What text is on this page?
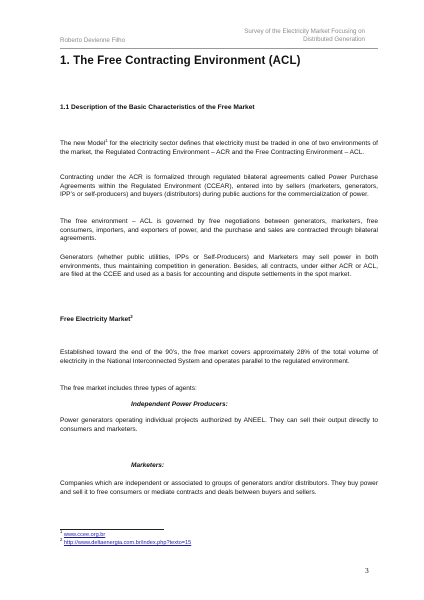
Roberto Devienne Filho
Survey of the Electricity Market Focusing on
Distributed Generation
1. The Free Contracting Environment (ACL)
1.1 Description of the Basic Characteristics of the Free Market
The new Model$^1$ for the electricity sector defines that electricity must be traded in one of two environments of the market, the Regulated Contracting Environment – ACR and the Free Contracting Environment – ACL.
Contracting under the ACR is formalized through regulated bilateral agreements called Power Purchase Agreements within the Regulated Environment (CCEAR), entered into by sellers (marketers, generators, IPP’s or self-producers) and buyers (distributors) during public auctions for the commercialization of power.
The free environment – ACL is governed by free negotiations between generators, marketers, free consumers, importers, and exporters of power, and the purchase and sales are contracted through bilateral agreements.
Generators (whether public utilities, IPPs or Self-Producers) and Marketers may sell power in both environments, thus maintaining competition in generation. Besides, all contracts, under either ACR or ACL, are filed at the CCEE and used as a basis for accounting and dispute settlements in the spot market.
Free Electricity Market$^2$
Established toward the end of the 90’s, the free market covers approximately 28% of the total volume of electricity in the National Interconnected System and operates parallel to the regulated environment.
The free market includes three types of agents:
Independent Power Producers:
Power generators operating individual projects authorized by ANEEL. They can sell their output directly to consumers and marketers.
Marketers:
Companies which are independent or associated to groups of generators and/or distributors. They buy power and sell it to free consumers or mediate contracts and deals between buyers and sellers.
$^1$ www.ccee.org.br
$^2$ http://www.deltaenergia.com.br/index.php?texto=15
3
